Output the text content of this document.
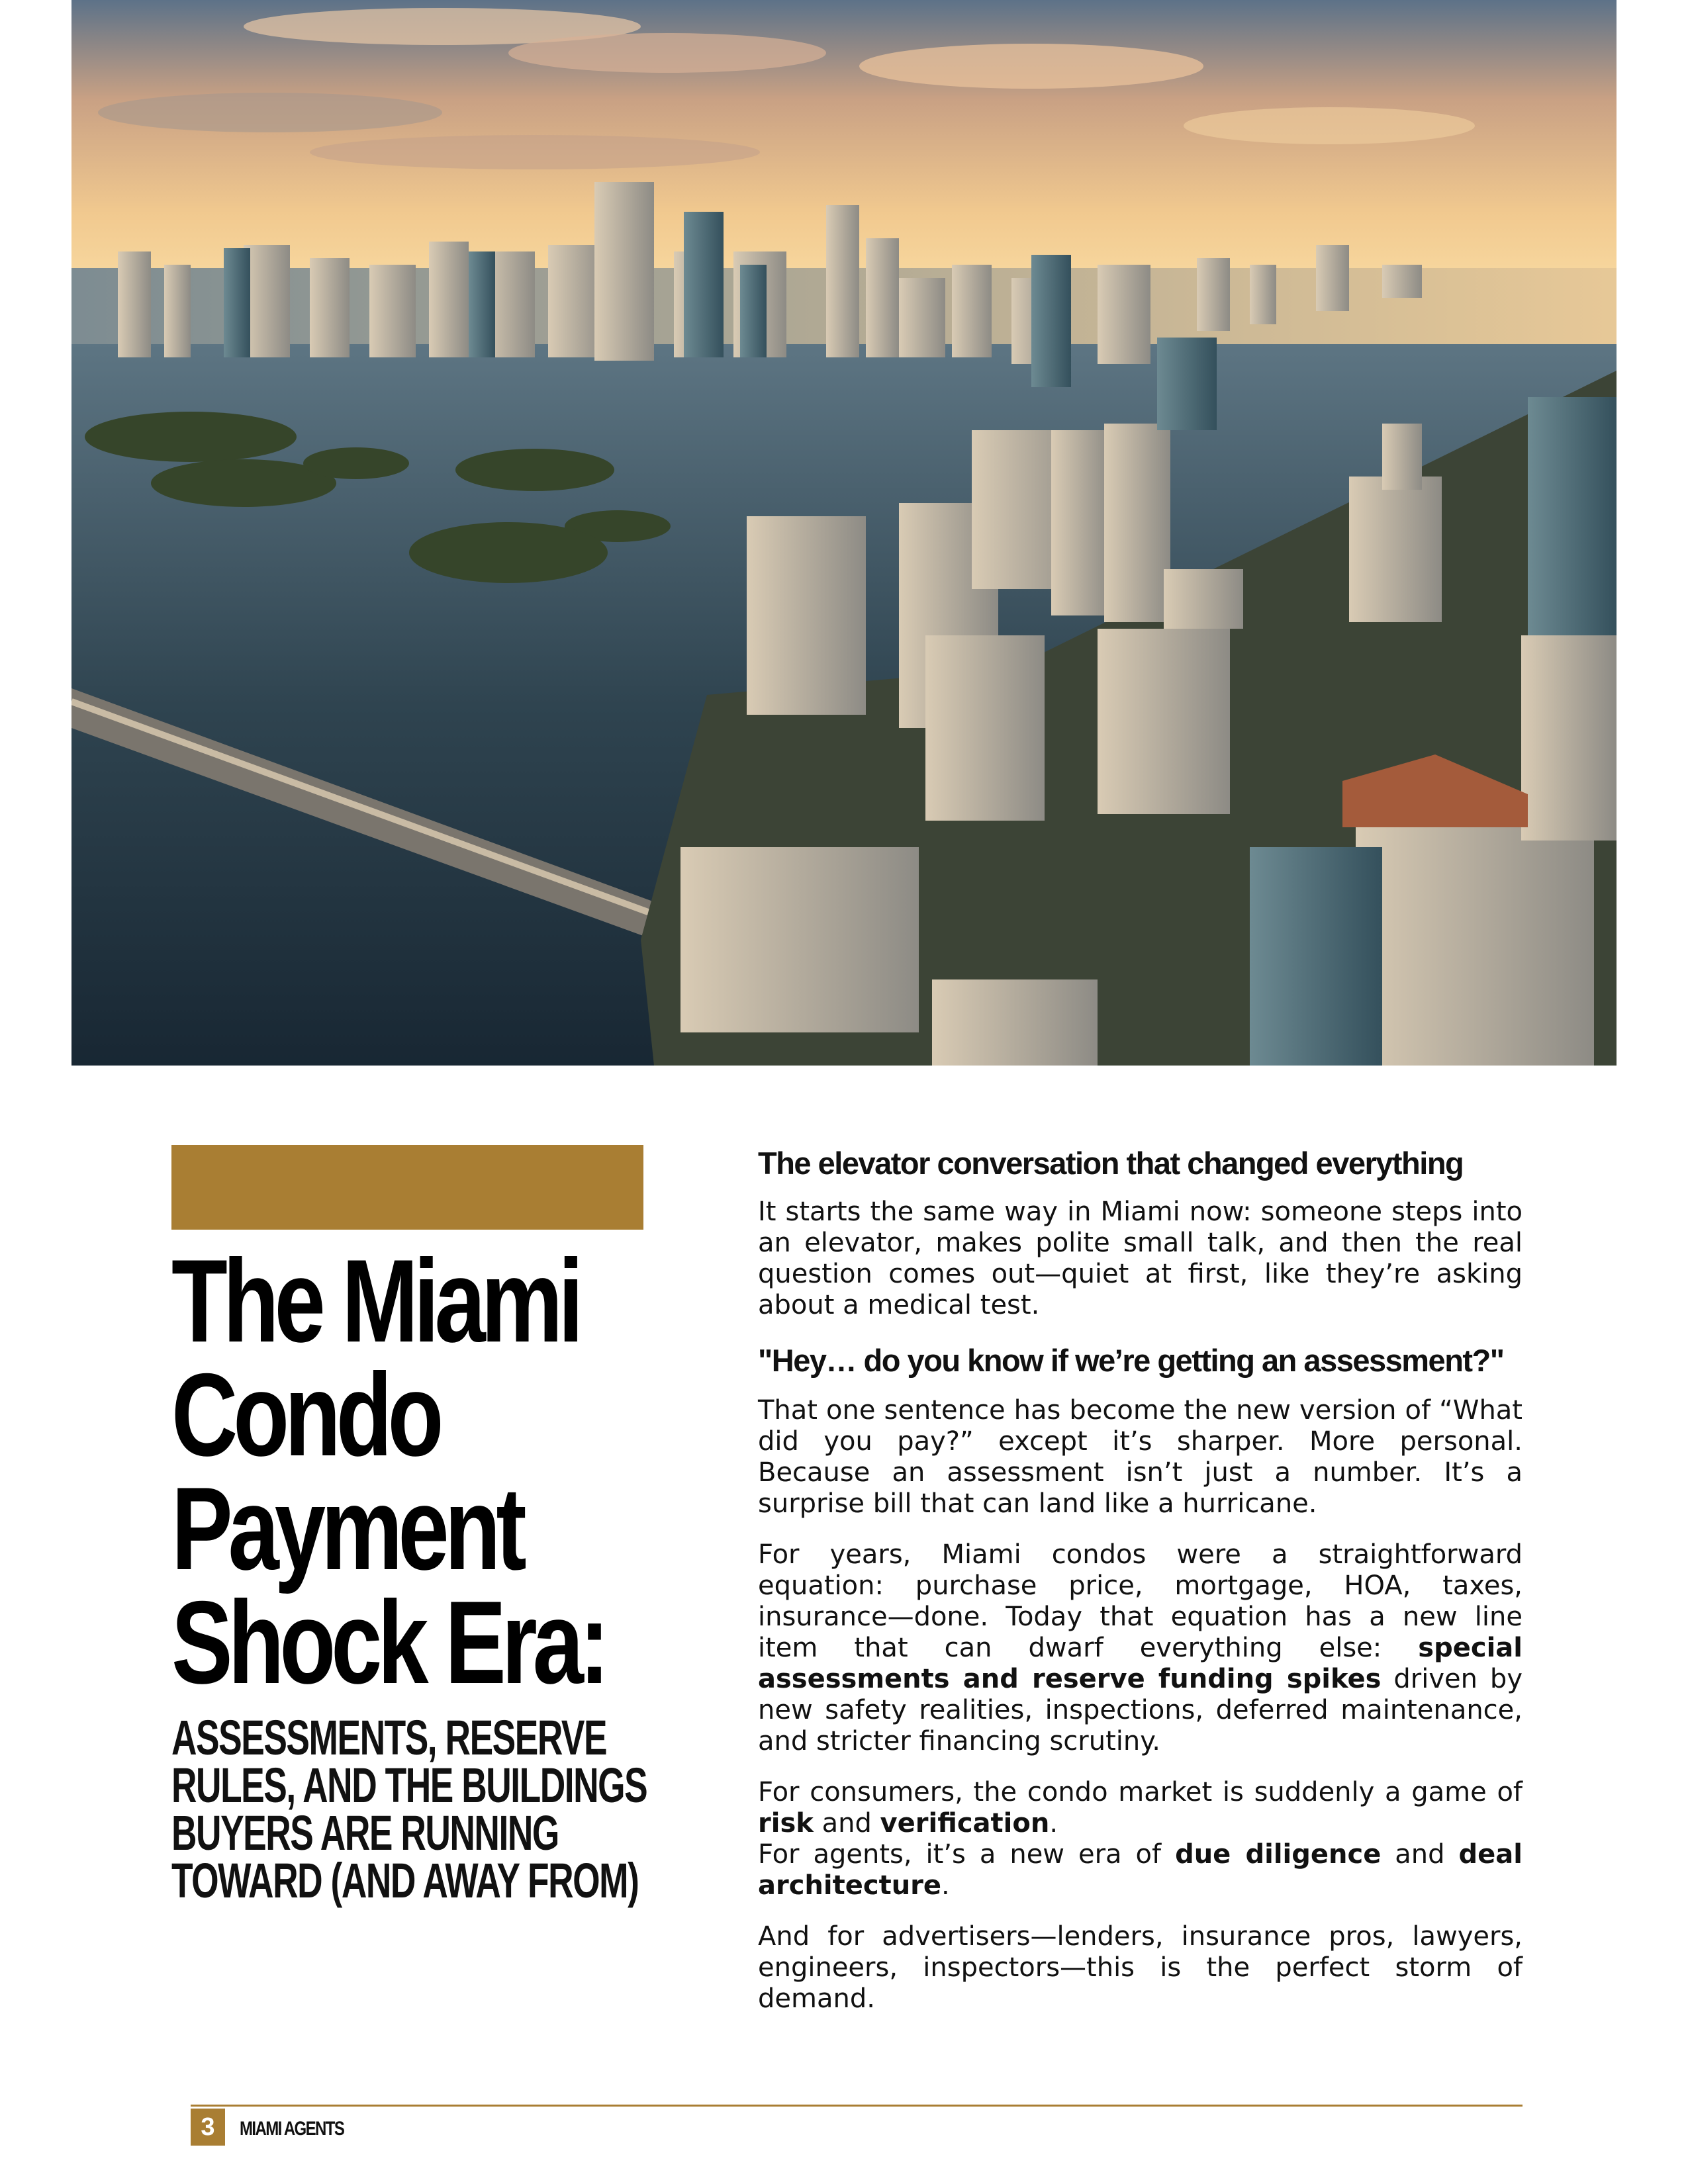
The Miami
Condo
Payment
Shock Era:
ASSESSMENTS, RESERVE
RULES, AND THE BUILDINGS
BUYERS ARE RUNNING
TOWARD (AND AWAY FROM)
The elevator conversation that changed everything

It starts the same way in Miami now: someone steps into an elevator, makes polite small talk, and then the real question comes out—quiet at first, like they’re asking about a medical test.

"Hey… do you know if we’re getting an assessment?"

That one sentence has become the new version of “What did you pay?” except it’s sharper. More personal. Because an assessment isn’t just a number. It’s a surprise bill that can land like a hurricane.

For years, Miami condos were a straightforward equation: purchase price, mortgage, HOA, taxes, insurance—done. Today that equation has a new line item that can dwarf everything else: special assessments and reserve funding spikes driven by new safety realities, inspections, deferred maintenance, and stricter financing scrutiny.

For consumers, the condo market is suddenly a game of risk and verification.

For agents, it’s a new era of due diligence and deal architecture.

And for advertisers—lenders, insurance pros, lawyers, engineers, inspectors—this is the perfect storm of demand.

3	MIAMI AGENTS
